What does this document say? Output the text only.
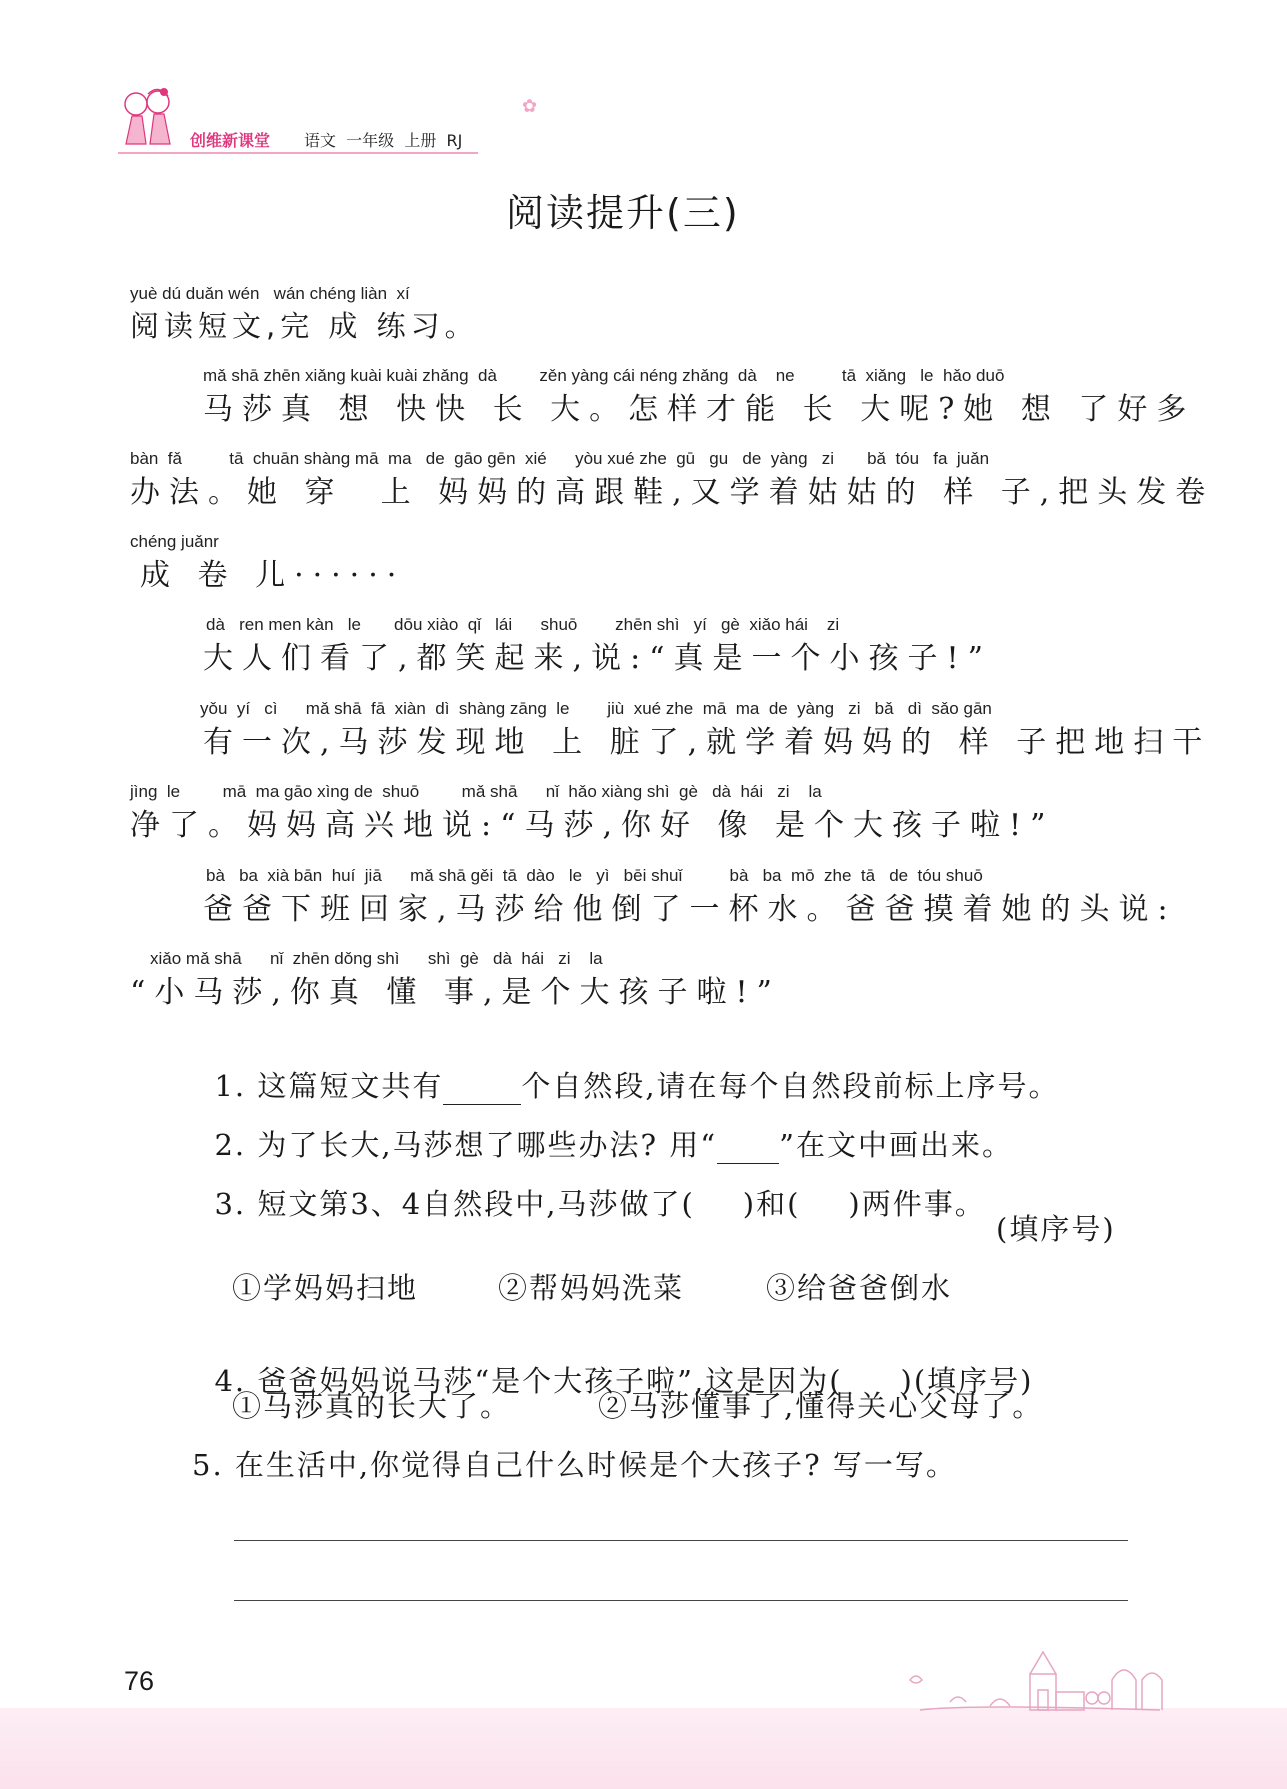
创维新课堂 语文  一年级  上册  RJ
✿
阅读提升(三)
yuè dú duǎn wén   wán chéng liàn  xí
阅读短文,完 成 练习。
mǎ shā zhēn xiǎng kuài kuài zhǎng  dà         zěn yàng cái néng zhǎng  dà    ne          tā  xiǎng   le  hǎo duō
马莎真 想 快快 长 大。怎样才能 长 大呢?她 想 了好多
bàn  fǎ          tā  chuān shàng mā  ma   de  gāo gēn  xié      yòu xué zhe  gū   gu   de  yàng   zi       bǎ  tóu   fa  juǎn
办法。她 穿  上 妈妈的高跟鞋,又学着姑姑的 样 子,把头发卷
chéng juǎnr
成 卷 儿······
dà   ren men kàn   le       dōu xiào  qǐ   lái      shuō        zhēn shì   yí   gè  xiǎo hái    zi
大人们看了,都笑起来,说:“真是一个小孩子!”
yǒu  yí   cì      mǎ shā  fā  xiàn  dì  shàng zāng  le        jiù  xué zhe  mā  ma  de  yàng   zi   bǎ   dì  sǎo gān
有一次,马莎发现地 上 脏了,就学着妈妈的 样 子把地扫干
jìng  le         mā  ma gāo xìng de  shuō         mǎ shā      nǐ  hǎo xiàng shì  gè   dà  hái   zi    la
净了。妈妈高兴地说:“马莎,你好 像 是个大孩子啦!”
bà   ba  xià bān  huí  jiā      mǎ shā gěi  tā  dào   le   yì   bēi shuǐ          bà   ba  mō  zhe  tā   de  tóu shuō
爸爸下班回家,马莎给他倒了一杯水。爸爸摸着她的头说:
xiǎo mǎ shā      nǐ  zhēn dǒng shì      shì  gè   dà  hái   zi    la
“小马莎,你真 懂 事,是个大孩子啦!”

1. 这篇短文共有	个自然段,请在每个自然段前标上序号。

2. 为了长大,马莎想了哪些办法? 用“ ”在文中画出来。

3. 短文第3、4自然段中,马莎做了( )和( )两件事。

(填序号)
①学妈妈扫地	②帮妈妈洗菜	③给爸爸倒水

4. 爸爸妈妈说马莎“是个大孩子啦”,这是因为( )(填序号)

①马莎真的长大了。	②马莎懂事了,懂得关心父母了。
5. 在生活中,你觉得自己什么时候是个大孩子? 写一写。
76
